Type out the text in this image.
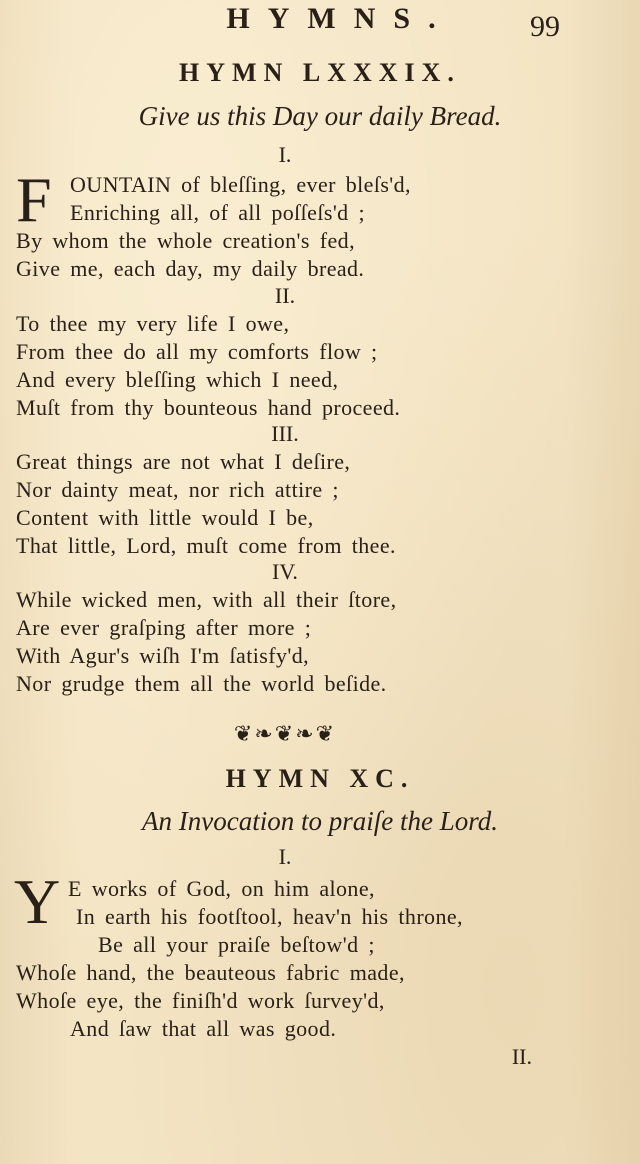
HYMNS.	99
HYMN LXXXIX.
Give us this Day our daily Bread.
I.
F OUNTAIN of bleſſing, ever bleſs'd,
Enriching all, of all poſſeſs'd ;
By whom the whole creation's fed,
Give me, each day, my daily bread.
II.
To thee my very life I owe,
From thee do all my comforts flow ;
And every bleſſing which I need,
Muſt from thy bounteous hand proceed.
III.
Great things are not what I deſire,
Nor dainty meat, nor rich attire ;
Content with little would I be,
That little, Lord, muſt come from thee.
IV.
While wicked men, with all their ſtore,
Are ever graſping after more ;
With Agur's wiſh I'm ſatisfy'd,
Nor grudge them all the world beſide.
❦❧❦❧❦
HYMN XC.
An Invocation to praiſe the Lord.
I.
Y E works of God, on him alone,
In earth his footſtool, heav'n his throne,
Be all your praiſe beſtow'd ;
Whoſe hand, the beauteous fabric made,
Whoſe eye, the finiſh'd work ſurvey'd,
And ſaw that all was good.
II.
